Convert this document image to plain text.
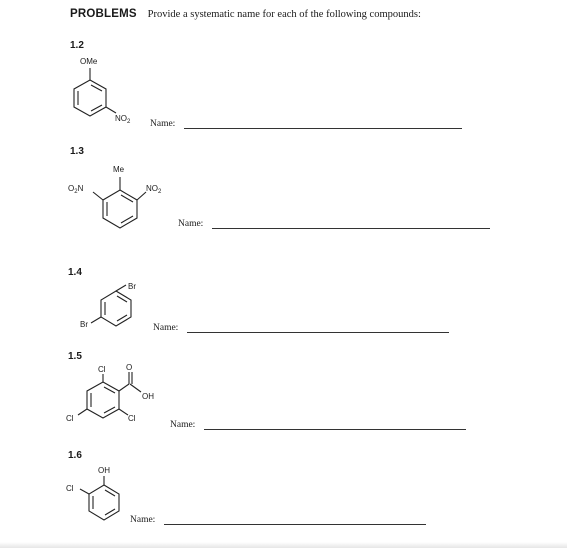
PROBLEMS Provide a systematic name for each of the following compounds:
1.2
OMe
$NO_2$ Name:
1.3
Me
$O_2N$	$NO_2$
Name:
1.4
Br
Br	Name:
1.5
Cl	O
OH
Cl	Cl
Name:
1.6
OH
Cl
Name:
